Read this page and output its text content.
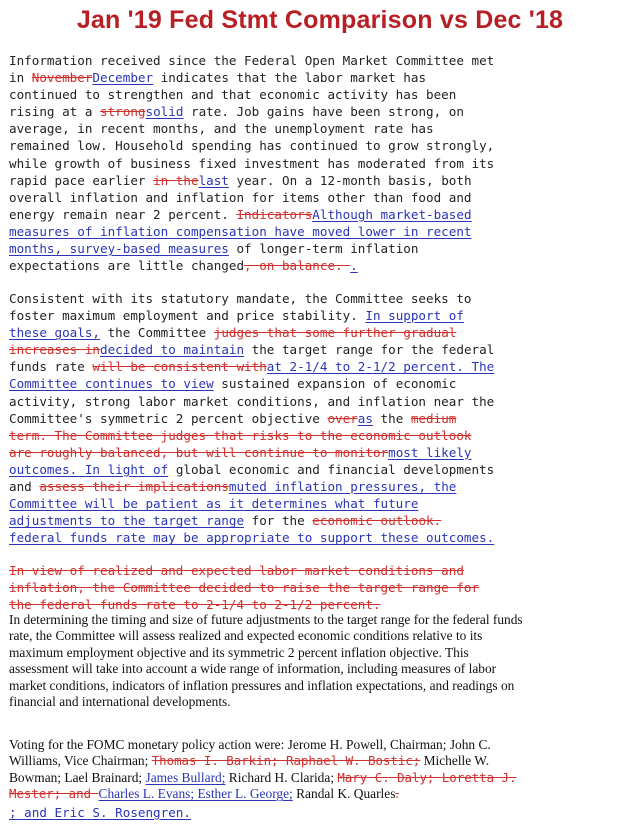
Jan '19 Fed Stmt Comparison vs Dec '18
Information received since the Federal Open Market Committee met
in NovemberDecember indicates that the labor market has
continued to strengthen and that economic activity has been
rising at a strongsolid rate. Job gains have been strong, on
average, in recent months, and the unemployment rate has
remained low. Household spending has continued to grow strongly,
while growth of business fixed investment has moderated from its
rapid pace earlier in thelast year. On a 12-month basis, both
overall inflation and inflation for items other than food and
energy remain near 2 percent. IndicatorsAlthough market-based
measures of inflation compensation have moved lower in recent
months, survey-based measures of longer-term inflation
expectations are little changed, on balance. .
Consistent with its statutory mandate, the Committee seeks to
foster maximum employment and price stability. In support of
these goals, the Committee judges that some further gradual
increases indecided to maintain the target range for the federal
funds rate will be consistent withat 2-1/4 to 2-1/2 percent. The
Committee continues to view sustained expansion of economic
activity, strong labor market conditions, and inflation near the
Committee's symmetric 2 percent objective overas the medium
term. The Committee judges that risks to the economic outlook
are roughly balanced, but will continue to monitormost likely
outcomes. In light of global economic and financial developments
and assess their implicationsmuted inflation pressures, the
Committee will be patient as it determines what future
adjustments to the target range for the economic outlook.
federal funds rate may be appropriate to support these outcomes.
In view of realized and expected labor market conditions and
inflation, the Committee decided to raise the target range for
the federal funds rate to 2-1/4 to 2-1/2 percent.
In determining the timing and size of future adjustments to the target range for the federal funds
rate, the Committee will assess realized and expected economic conditions relative to its
maximum employment objective and its symmetric 2 percent inflation objective. This
assessment will take into account a wide range of information, including measures of labor
market conditions, indicators of inflation pressures and inflation expectations, and readings on
financial and international developments.
Voting for the FOMC monetary policy action were: Jerome H. Powell, Chairman; John C.
Williams, Vice Chairman; Thomas I. Barkin; Raphael W. Bostic; Michelle W.
Bowman; Lael Brainard; James Bullard; Richard H. Clarida; Mary C. Daly; Loretta J.
Mester; and Charles L. Evans; Esther L. George; Randal K. Quarles.
; and Eric S. Rosengren.
